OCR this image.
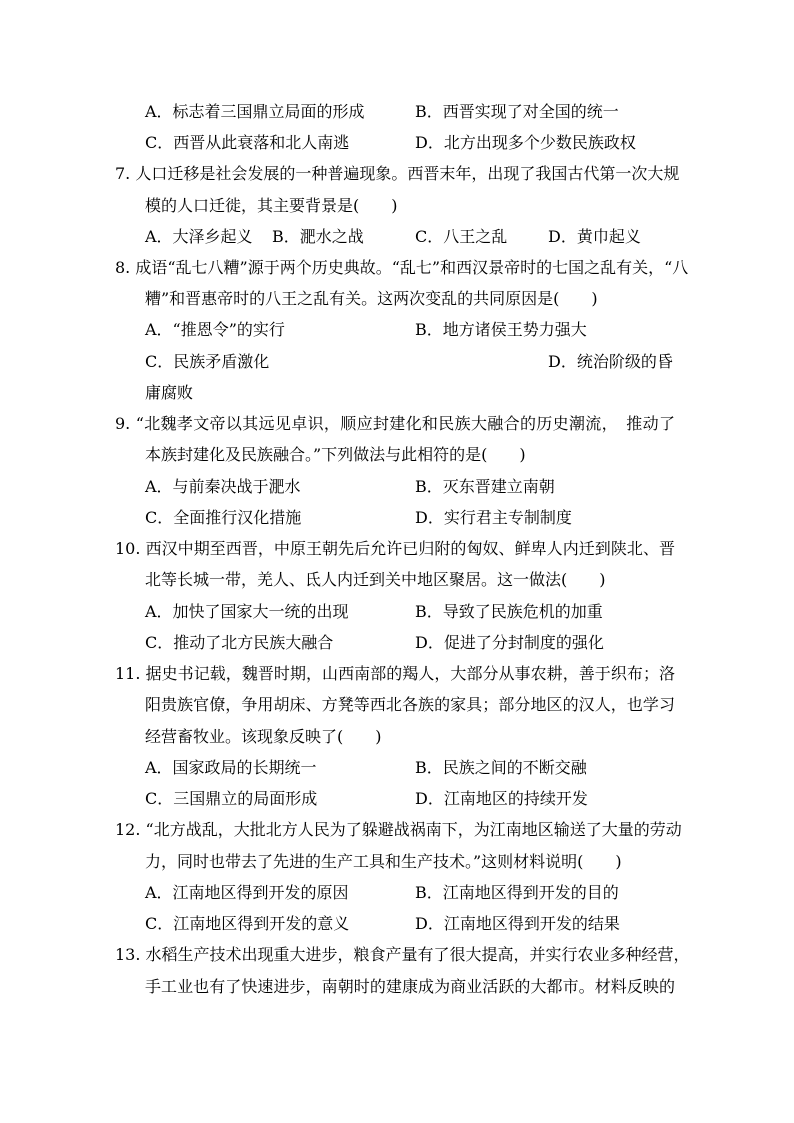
A．标志着三国鼎立局面的形成	B．西晋实现了对全国的统一
C．西晋从此衰落和北人南逃	D．北方出现多个少数民族政权
7. 人口迁移是社会发展的一种普遍现象。西晋末年，出现了我国古代第一次大规
模的人口迁徙，其主要背景是(　　)
A．大泽乡起义 B．淝水之战	C．八王之乱	D．黄巾起义
8. 成语“乱七八糟”源于两个历史典故。“乱七”和西汉景帝时的七国之乱有关，“八
糟”和晋惠帝时的八王之乱有关。这两次变乱的共同原因是(　　)
A．“推恩令”的实行	B．地方诸侯王势力强大
C．民族矛盾激化	D．统治阶级的昏
庸腐败
9. “北魏孝文帝以其远见卓识，顺应封建化和民族大融合的历史潮流，　推动了
本族封建化及民族融合。”下列做法与此相符的是(　　)
A．与前秦决战于淝水	B．灭东晋建立南朝
C．全面推行汉化措施	D．实行君主专制制度
10. 西汉中期至西晋，中原王朝先后允许已归附的匈奴、鲜卑人内迁到陕北、晋
北等长城一带，羌人、氐人内迁到关中地区聚居。这一做法(　　)
A．加快了国家大一统的出现	B．导致了民族危机的加重
C．推动了北方民族大融合	D．促进了分封制度的强化
11. 据史书记载，魏晋时期，山西南部的羯人，大部分从事农耕，善于织布；洛
阳贵族官僚，争用胡床、方凳等西北各族的家具；部分地区的汉人，也学习
经营畜牧业。该现象反映了(　　)
A．国家政局的长期统一	B．民族之间的不断交融
C．三国鼎立的局面形成	D．江南地区的持续开发
12. “北方战乱，大批北方人民为了躲避战祸南下，为江南地区输送了大量的劳动
力，同时也带去了先进的生产工具和生产技术。”这则材料说明(　　)
A．江南地区得到开发的原因	B．江南地区得到开发的目的
C．江南地区得到开发的意义	D．江南地区得到开发的结果
13. 水稻生产技术出现重大进步，粮食产量有了很大提高，并实行农业多种经营，
手工业也有了快速进步，南朝时的建康成为商业活跃的大都市。材料反映的
